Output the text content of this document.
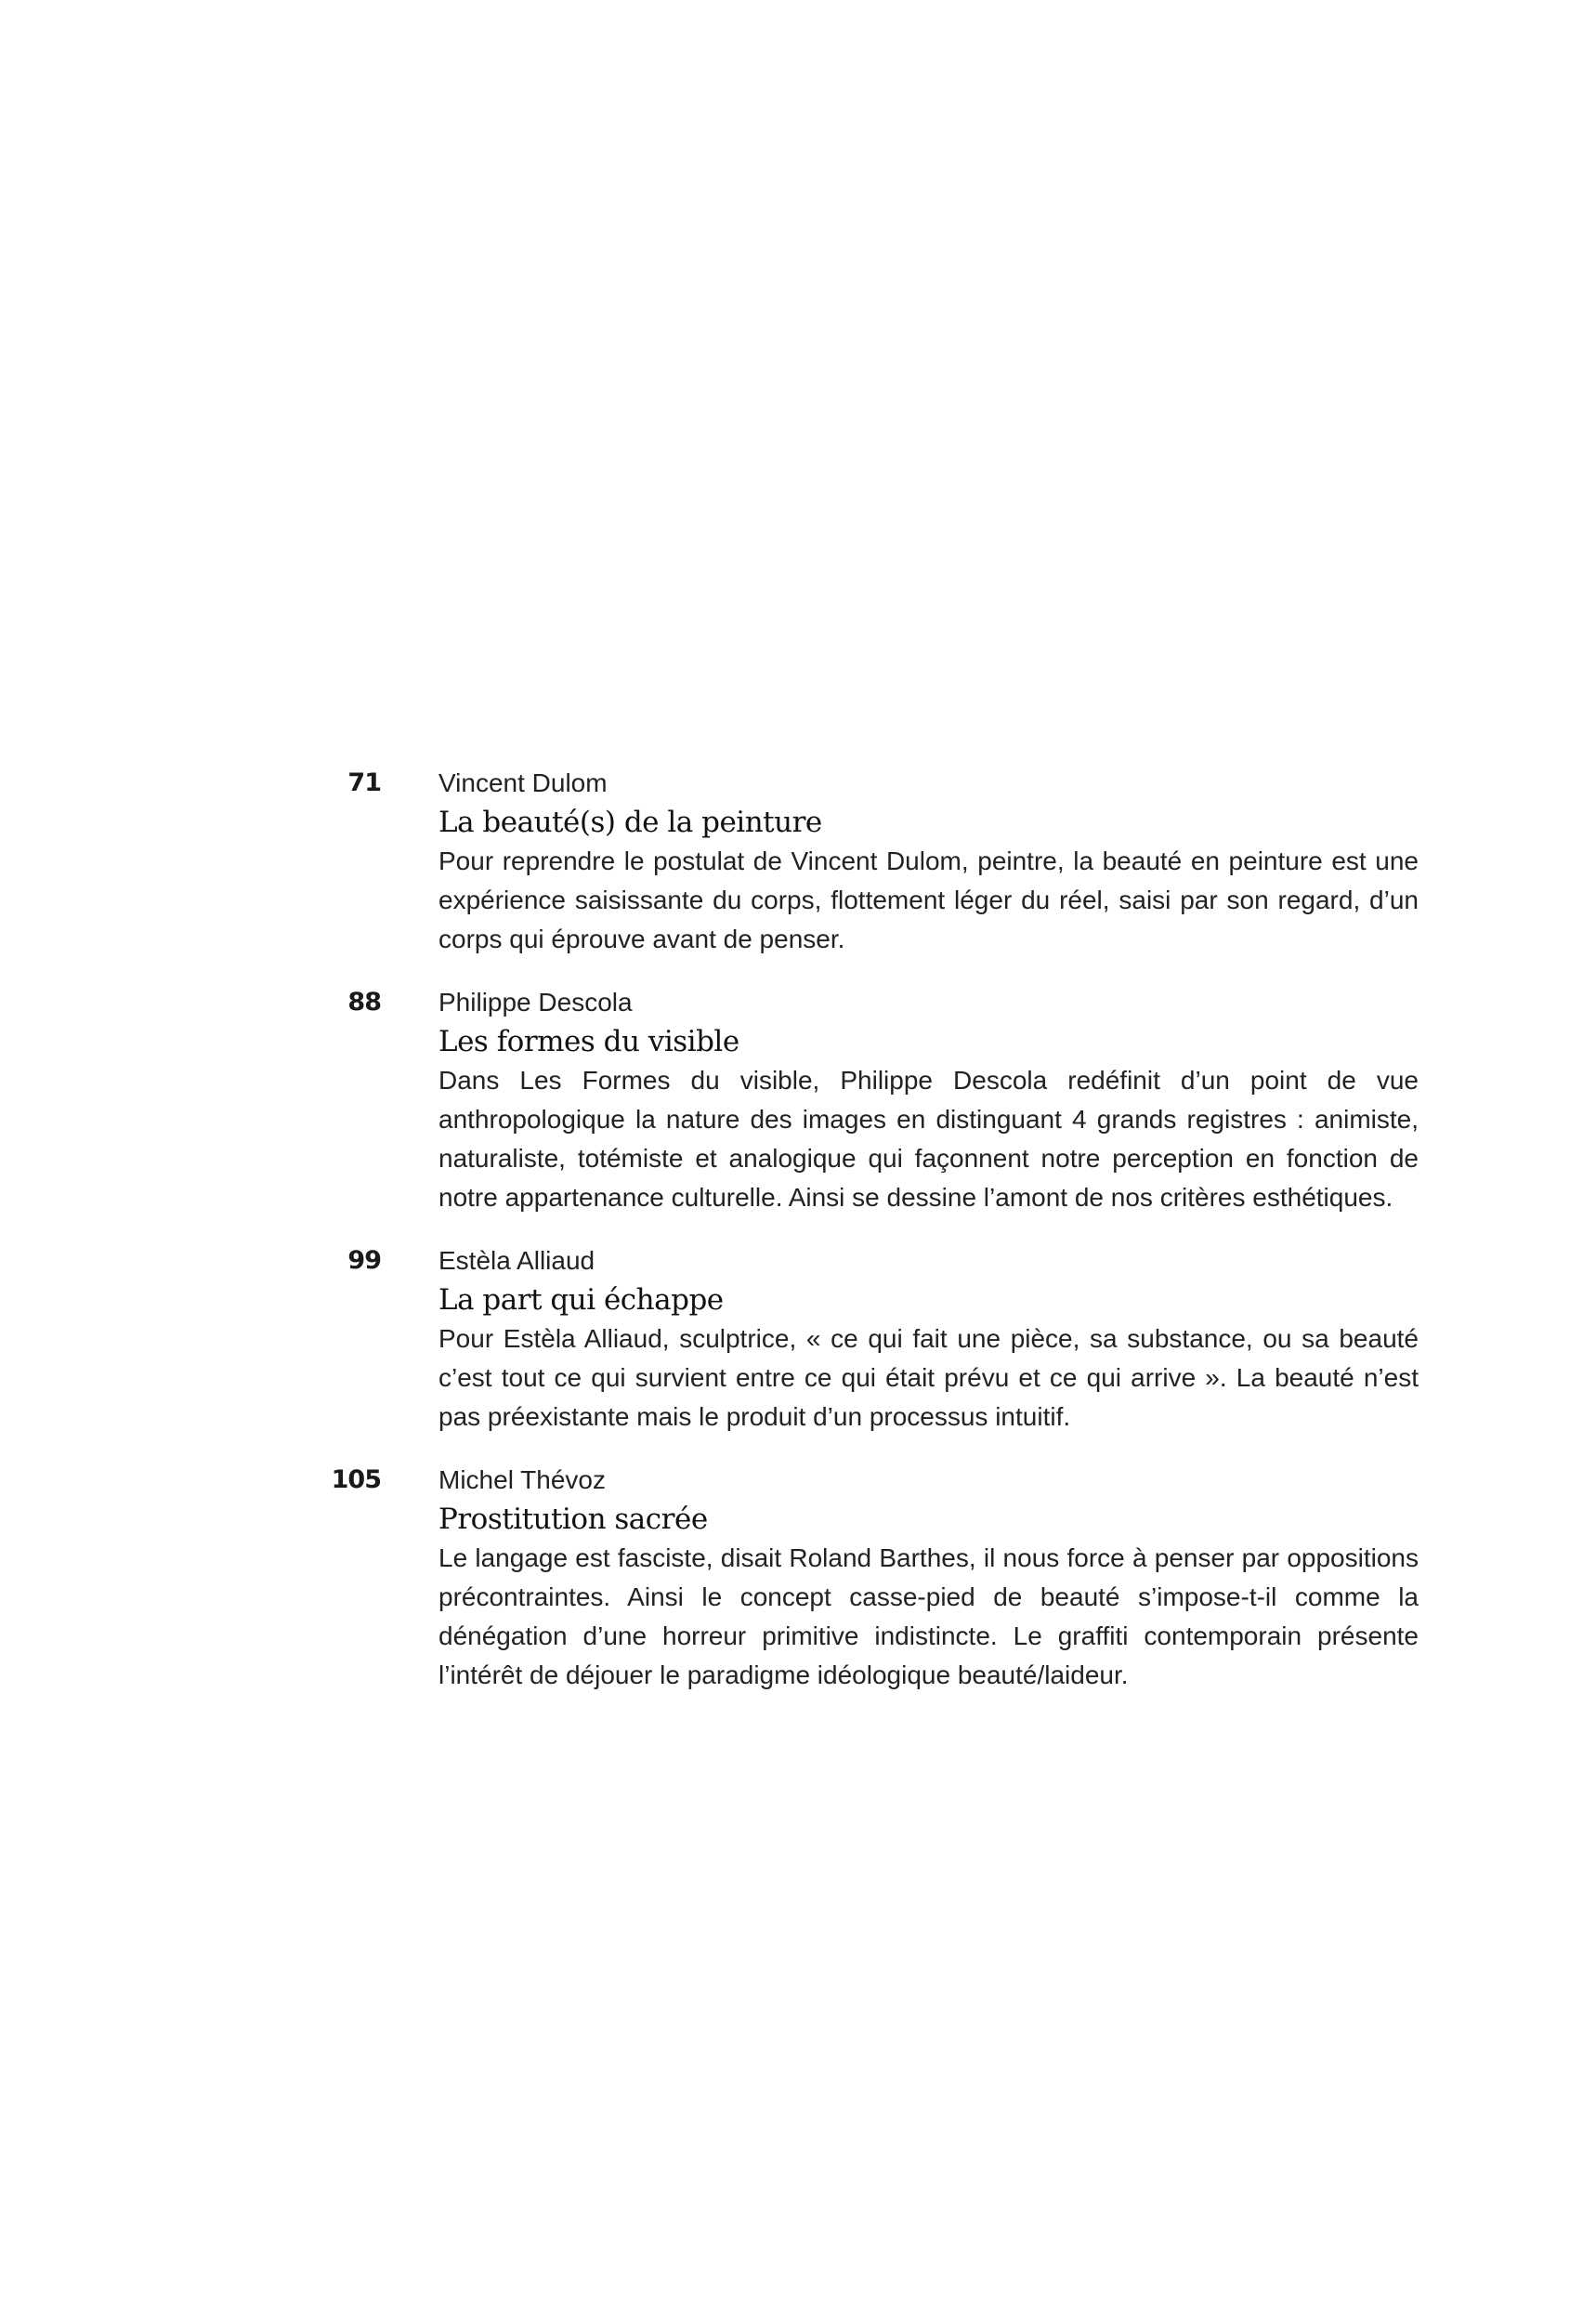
71 Vincent Dulom
La beauté(s) de la peinture

Pour reprendre le postulat de Vincent Dulom, peintre, la beauté en peinture est une expérience saisissante du corps, flottement léger du réel, saisi par son regard, d’un corps qui éprouve avant de penser.

88 Philippe Descola
Les formes du visible

Dans Les Formes du visible, Philippe Descola redéfinit d’un point de vue anthropologique la nature des images en distinguant 4 grands registres : animiste, naturaliste, totémiste et analogique qui façonnent notre perception en fonction de notre appartenance culturelle. Ainsi se dessine l’amont de nos critères esthétiques.

99 Estèla Alliaud
La part qui échappe

Pour Estèla Alliaud, sculptrice, « ce qui fait une pièce, sa substance, ou sa beauté c’est tout ce qui survient entre ce qui était prévu et ce qui arrive ». La beauté n’est pas préexistante mais le produit d’un processus intuitif.

105 Michel Thévoz
Prostitution sacrée

Le langage est fasciste, disait Roland Barthes, il nous force à penser par oppositions précontraintes. Ainsi le concept casse-pied de beauté s’impose-t-il comme la dénégation d’une horreur primitive indistincte. Le graffiti contemporain présente l’intérêt de déjouer le paradigme idéologique beauté/laideur.
